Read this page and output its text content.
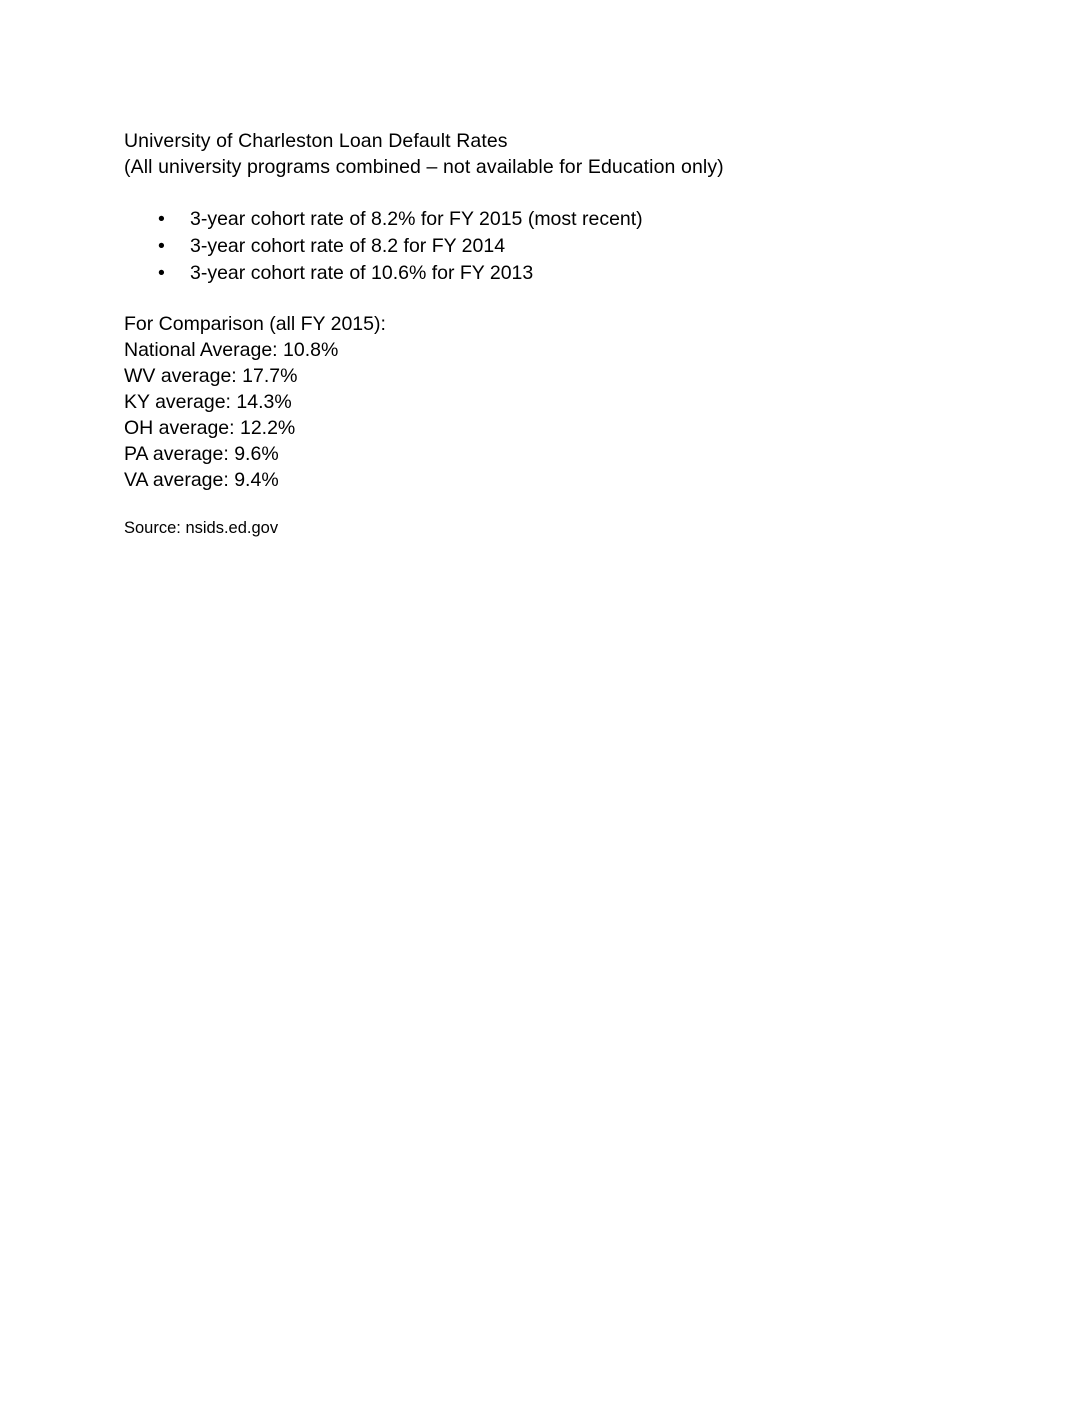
University of Charleston Loan Default Rates
(All university programs combined – not available for Education only)
• 3-year cohort rate of 8.2% for FY 2015 (most recent)
• 3-year cohort rate of 8.2 for FY 2014
• 3-year cohort rate of 10.6% for FY 2013
For Comparison (all FY 2015):
National Average: 10.8%
WV average: 17.7%
KY average: 14.3%
OH average: 12.2%
PA average: 9.6%
VA average: 9.4%
Source: nsids.ed.gov
